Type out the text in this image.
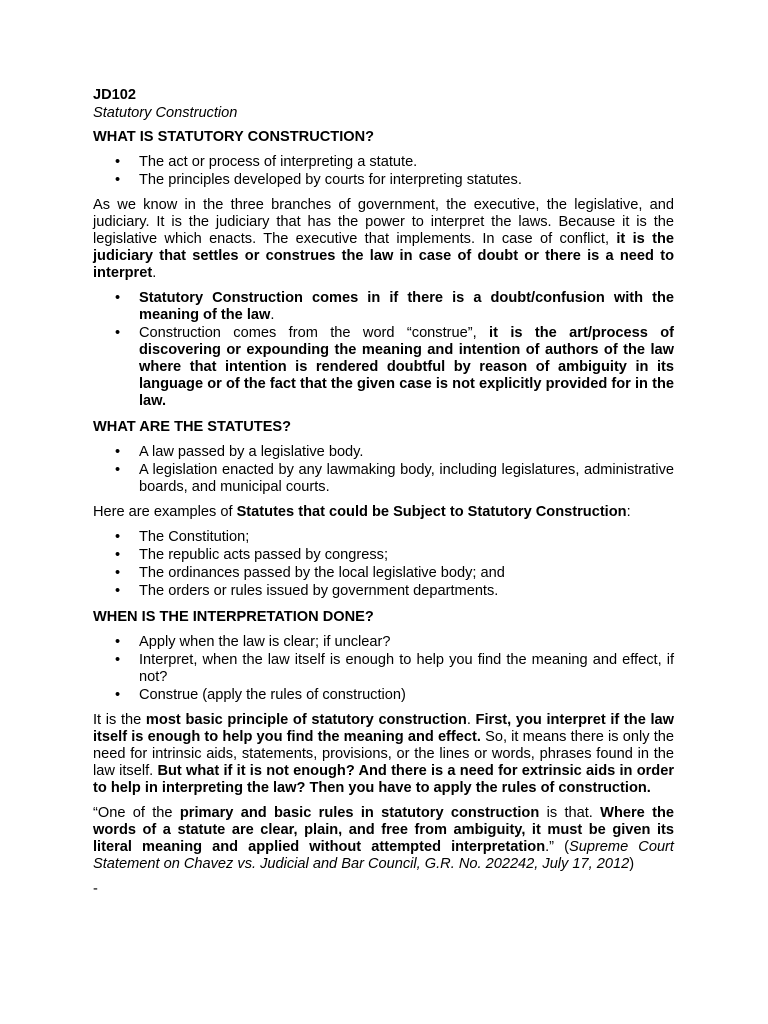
JD102
Statutory Construction
WHAT IS STATUTORY CONSTRUCTION?
• The act or process of interpreting a statute.
• The principles developed by courts for interpreting statutes.

As we know in the three branches of government, the executive, the legislative, and judiciary. It is the judiciary that has the power to interpret the laws. Because it is the legislative which enacts. The executive that implements. In case of conflict, it is the judiciary that settles or construes the law in case of doubt or there is a need to interpret.

• Statutory Construction comes in if there is a doubt/confusion with the meaning of the law.
• Construction comes from the word “construe”, it is the art/process of discovering or expounding the meaning and intention of authors of the law where that intention is rendered doubtful by reason of ambiguity in its language or of the fact that the given case is not explicitly provided for in the law.
WHAT ARE THE STATUTES?
• A law passed by a legislative body.
• A legislation enacted by any lawmaking body, including legislatures, administrative boards, and municipal courts.

Here are examples of Statutes that could be Subject to Statutory Construction:

• The Constitution;
• The republic acts passed by congress;
• The ordinances passed by the local legislative body; and
• The orders or rules issued by government departments.
WHEN IS THE INTERPRETATION DONE?
• Apply when the law is clear; if unclear?
• Interpret, when the law itself is enough to help you find the meaning and effect, if not?
• Construe (apply the rules of construction)

It is the most basic principle of statutory construction. First, you interpret if the law itself is enough to help you find the meaning and effect. So, it means there is only the need for intrinsic aids, statements, provisions, or the lines or words, phrases found in the law itself. But what if it is not enough? And there is a need for extrinsic aids in order to help in interpreting the law? Then you have to apply the rules of construction.

“One of the primary and basic rules in statutory construction is that. Where the words of a statute are clear, plain, and free from ambiguity, it must be given its literal meaning and applied without attempted interpretation.” (Supreme Court Statement on Chavez vs. Judicial and Bar Council, G.R. No. 202242, July 17, 2012)

-
